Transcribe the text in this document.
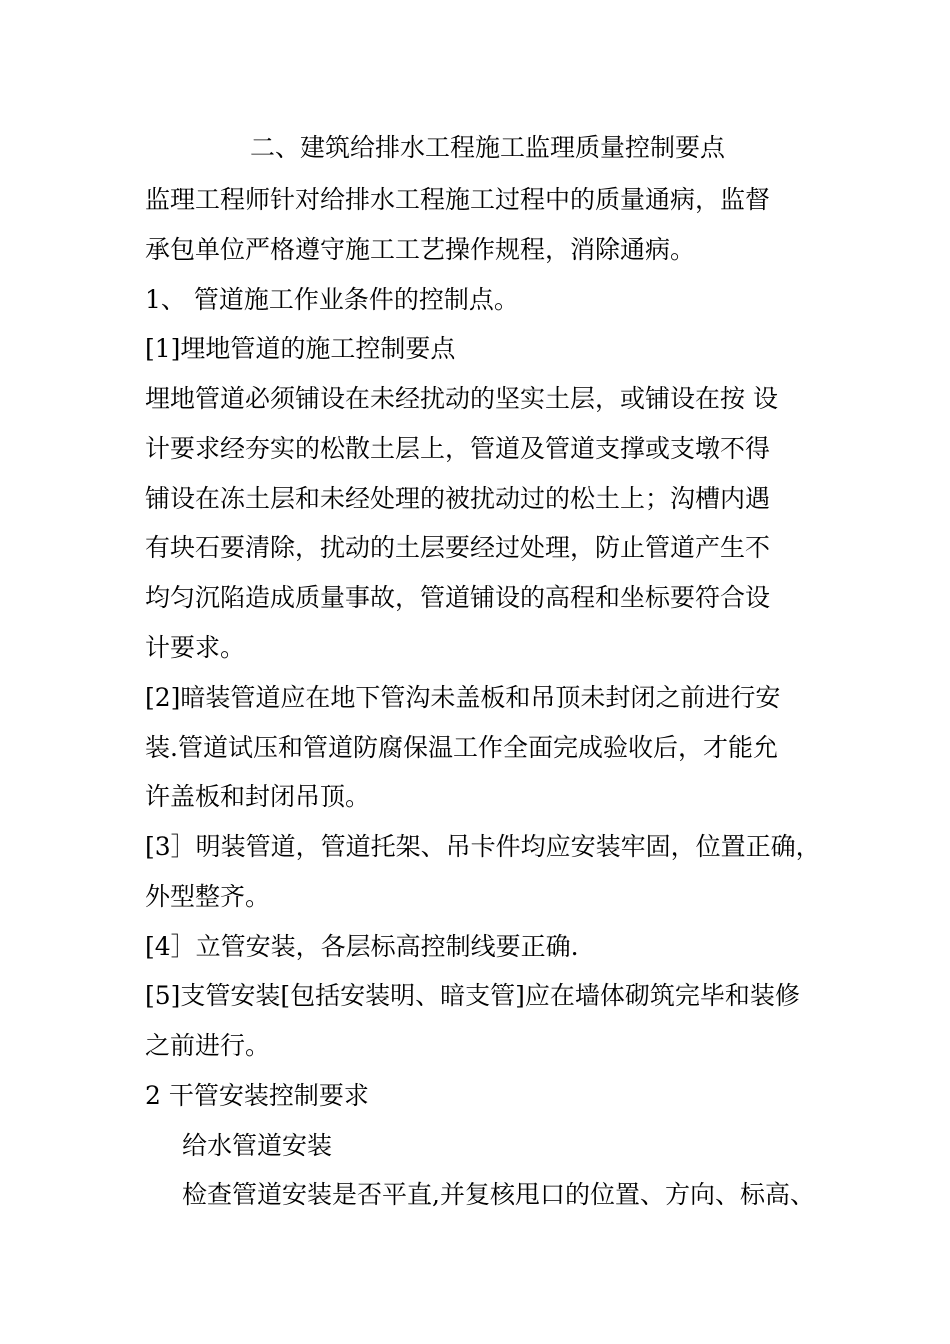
二、建筑给排水工程施工监理质量控制要点

监理工程师针对给排水工程施工过程中的质量通病，监督

承包单位严格遵守施工工艺操作规程，消除通病。

1、 管道施工作业条件的控制点。

[1]埋地管道的施工控制要点

埋地管道必须铺设在未经扰动的坚实土层，或铺设在按 设

计要求经夯实的松散土层上，管道及管道支撑或支墩不得

铺设在冻土层和未经处理的被扰动过的松土上；沟槽内遇

有块石要清除，扰动的土层要经过处理，防止管道产生不

均匀沉陷造成质量事故，管道铺设的高程和坐标要符合设

计要求。

[2]暗装管道应在地下管沟未盖板和吊顶未封闭之前进行安

装.管道试压和管道防腐保温工作全面完成验收后，才能允

许盖板和封闭吊顶。

[3］明装管道，管道托架、吊卡件均应安装牢固，位置正确，

外型整齐。

[4］立管安装，各层标高控制线要正确.

[5]支管安装[包括安装明、暗支管]应在墙体砌筑完毕和装修

之前进行。

2 干管安装控制要求

给水管道安装

检查管道安装是否平直,并复核甩口的位置、方向、标高、
